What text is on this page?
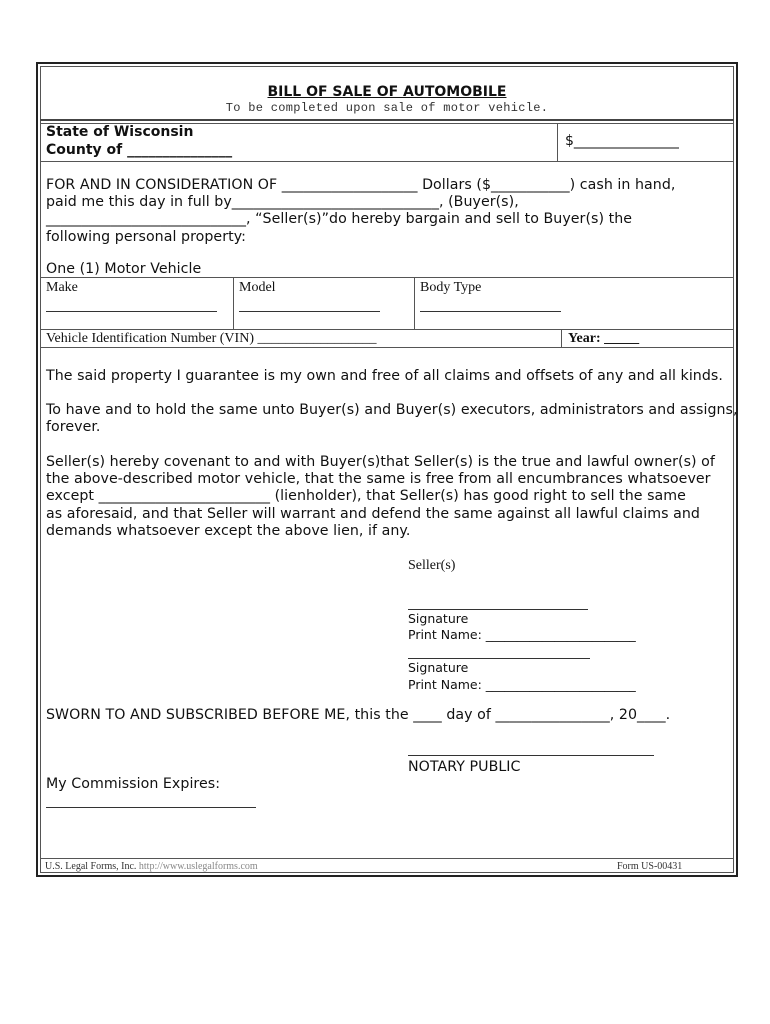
BILL OF SALE OF AUTOMOBILE
To be completed upon sale of motor vehicle.
State of Wisconsin
County of _______________
$_______________
FOR AND IN CONSIDERATION OF ___________________ Dollars ($___________) cash in hand,
paid me this day in full by_____________________________, (Buyer(s),
____________________________, “Seller(s)”do hereby bargain and sell to Buyer(s) the
following personal property:
One (1) Motor Vehicle
Make	Model	Body Type
Vehicle Identification Number (VIN) _________________	Year: _____
The said property I guarantee is my own and free of all claims and offsets of any and all kinds.
To have and to hold the same unto Buyer(s) and Buyer(s) executors, administrators and assigns,
forever.
Seller(s) hereby covenant to and with Buyer(s)that Seller(s) is the true and lawful owner(s) of
the above-described motor vehicle, that the same is free from all encumbrances whatsoever
except ________________________ (lienholder), that Seller(s) has good right to sell the same
as aforesaid, and that Seller will warrant and defend the same against all lawful claims and
demands whatsoever except the above lien, if any.
Seller(s)
Signature
Print Name: ________________________
Signature
Print Name: ________________________
SWORN TO AND SUBSCRIBED BEFORE ME, this the ____ day of ________________, 20____.
NOTARY PUBLIC
My Commission Expires:
U.S. Legal Forms, Inc. http://www.uslegalforms.com	Form US-00431
